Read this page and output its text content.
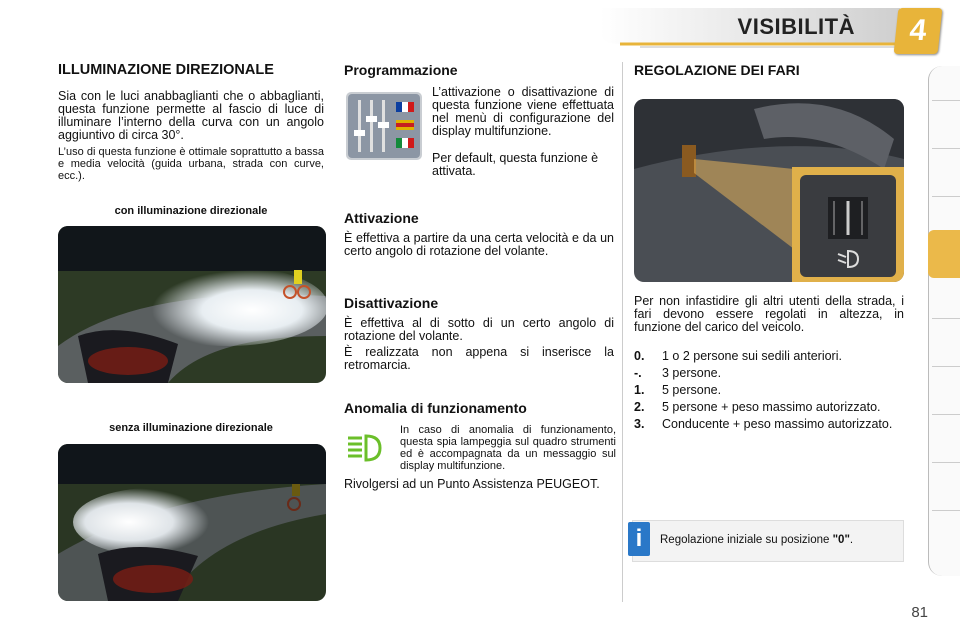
VISIBILITÀ	4
ILLUMINAZIONE DIREZIONALE

Sia con le luci anabbaglianti che o abbaglianti, questa funzione permette al fascio di luce di illuminare l’interno della curva con un angolo aggiuntivo di circa 30°.

L’uso di questa funzione è ottimale soprattutto a bassa e media velocità (guida urbana, strada con curve, ecc.).

con illuminazione direzionale
senza illuminazione direzionale
Programmazione

L’attivazione o disattivazione di questa funzione viene effettuata nel menù di configurazione del display multifunzione.

Per default, questa funzione è attivata.

Attivazione

È effettiva a partire da una certa velocità e da un certo angolo di rotazione del volante.

Disattivazione

È effettiva al di sotto di un certo angolo di rotazione del volante.

È realizzata non appena si inserisce la retromarcia.

Anomalia di funzionamento

In caso di anomalia di funzionamento, questa spia lampeggia sul quadro strumenti ed è accompagnata da un messaggio sul display multifunzione.

Rivolgersi ad un Punto Assistenza PEUGEOT.

REGOLAZIONE DEI FARI

Per non infastidire gli altri utenti della strada, i fari devono essere regolati in altezza, in funzione del carico del veicolo.

0.	1 o 2 persone sui sedili anteriori.
-.	3 persone.
1.	5 persone.
2.	5 persone + peso massimo autorizzato.
3.	Conducente + peso massimo autorizzato.
i	Regolazione iniziale su posizione "0".
81
